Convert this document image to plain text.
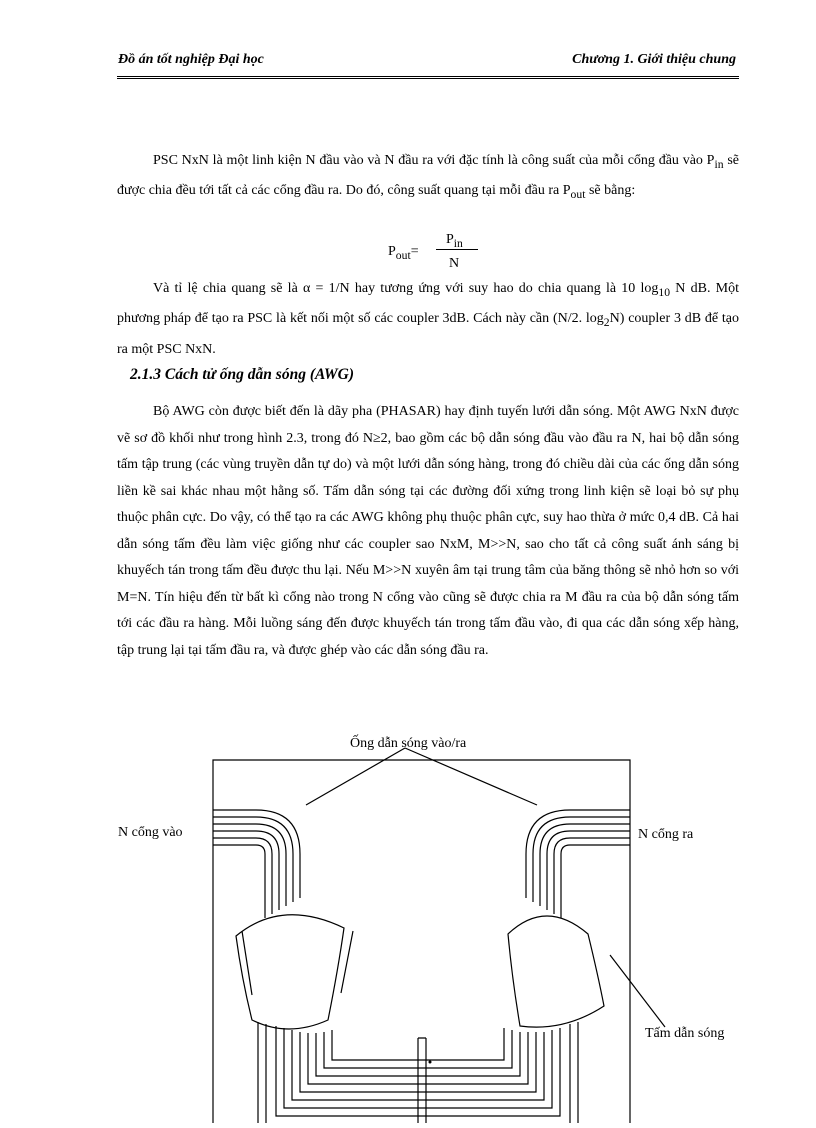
Đồ án tốt nghiệp Đại học	Chương 1. Giới thiệu chung
PSC NxN là một linh kiện N đầu vào và N đầu ra với đặc tính là công suất của mỗi cổng đầu vào $P_{in}$ sẽ được chia đều tới tất cả các cổng đầu ra. Do đó, công suất quang tại mỗi đầu ra $P_{out}$ sẽ bằng:
$P_{out}=$
$P_{in}$
N
Và tỉ lệ chia quang sẽ là α = 1/N hay tương ứng với suy hao do chia quang là 10 $\log_{10} N$ dB. Một phương pháp để tạo ra PSC là kết nối một số các coupler 3dB. Cách này cần (N/2. $\log_2N$) coupler 3 dB để tạo ra một PSC NxN.
2.1.3 Cách tử ống dẫn sóng (AWG)
Bộ AWG còn được biết đến là dãy pha (PHASAR) hay định tuyến lưới dẫn sóng. Một AWG NxN được vẽ sơ đồ khối như trong hình 2.3, trong đó N≥2, bao gồm các bộ dẫn sóng đầu vào đầu ra N, hai bộ dẫn sóng tấm tập trung (các vùng truyền dẫn tự do) và một lưới dẫn sóng hàng, trong đó chiều dài của các ống dẫn sóng liền kề sai khác nhau một hằng số. Tấm dẫn sóng tại các đường đối xứng trong linh kiện sẽ loại bỏ sự phụ thuộc phân cực. Do vậy, có thể tạo ra các AWG không phụ thuộc phân cực, suy hao thừa ở mức 0,4 dB. Cả hai dẫn sóng tấm đều làm việc giống như các coupler sao NxM, M>>N, sao cho tất cả công suất ánh sáng bị khuyếch tán trong tấm đều được thu lại. Nếu M>>N xuyên âm tại trung tâm của băng thông sẽ nhỏ hơn so với M=N. Tín hiệu đến từ bất kì cổng nào trong N cổng vào cũng sẽ được chia ra M đầu ra của bộ dẫn sóng tấm tới các đầu ra hàng. Mỗi luồng sáng đến được khuyếch tán trong tấm đầu vào, đi qua các dẫn sóng xếp hàng, tập trung lại tại tấm đầu ra, và được ghép vào các dẫn sóng đầu ra.
Ống dẫn sóng vào/ra
N cổng vào	N cổng ra
Tấm dẫn sóng
